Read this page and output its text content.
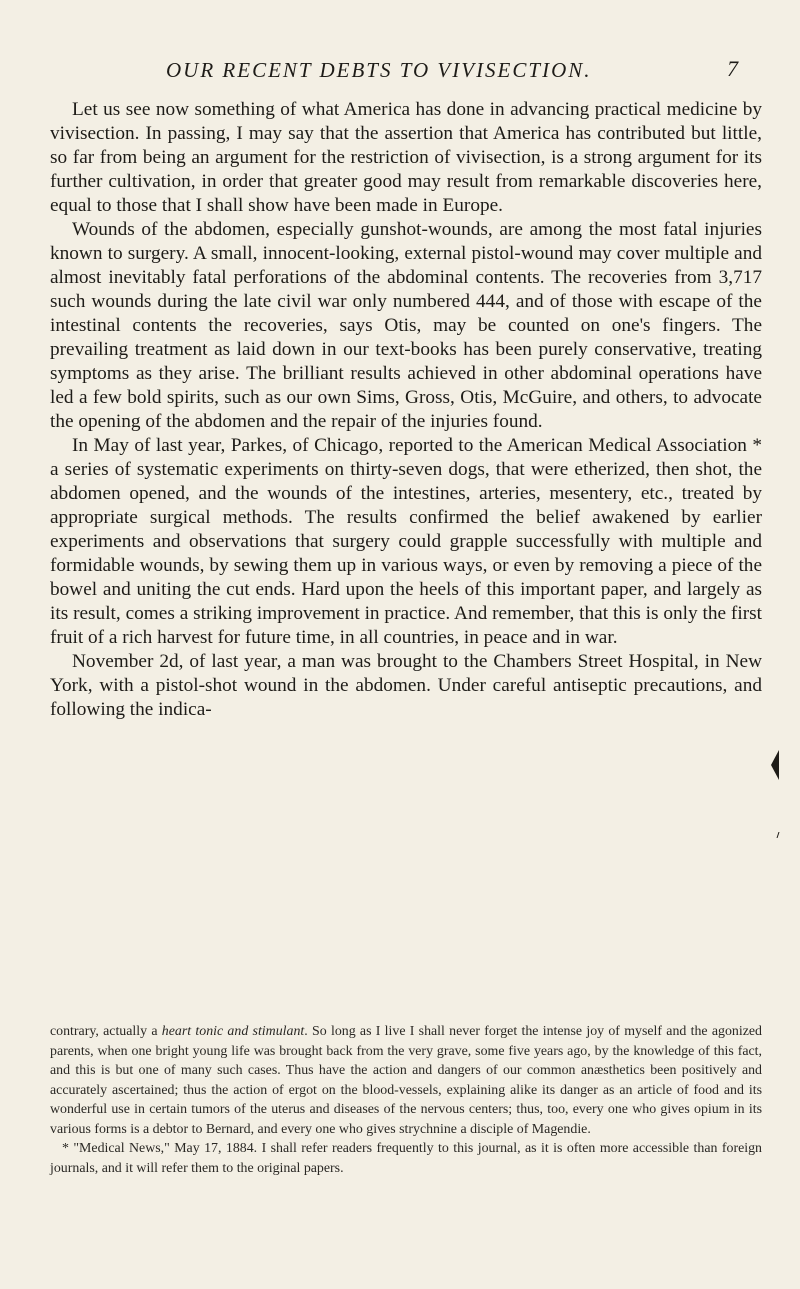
OUR RECENT DEBTS TO VIVISECTION.	7

Let us see now something of what America has done in advancing practical medicine by vivisection. In passing, I may say that the assertion that America has contributed but little, so far from being an argument for the restriction of vivisection, is a strong argument for its further cultivation, in order that greater good may result from remarkable discoveries here, equal to those that I shall show have been made in Europe.

Wounds of the abdomen, especially gunshot-wounds, are among the most fatal injuries known to surgery. A small, innocent-looking, external pistol-wound may cover multiple and almost inevitably fatal perforations of the abdominal contents. The recoveries from 3,717 such wounds during the late civil war only numbered 444, and of those with escape of the intestinal contents the recoveries, says Otis, may be counted on one's fingers. The prevailing treatment as laid down in our text-books has been purely conservative, treating symptoms as they arise. The brilliant results achieved in other abdominal operations have led a few bold spirits, such as our own Sims, Gross, Otis, McGuire, and others, to advocate the opening of the abdomen and the repair of the injuries found.

In May of last year, Parkes, of Chicago, reported to the American Medical Association * a series of systematic experiments on thirty-seven dogs, that were etherized, then shot, the abdomen opened, and the wounds of the intestines, arteries, mesentery, etc., treated by appropriate surgical methods. The results confirmed the belief awakened by earlier experiments and observations that surgery could grapple successfully with multiple and formidable wounds, by sewing them up in various ways, or even by removing a piece of the bowel and uniting the cut ends. Hard upon the heels of this important paper, and largely as its result, comes a striking improvement in practice. And remember, that this is only the first fruit of a rich harvest for future time, in all countries, in peace and in war.

November 2d, of last year, a man was brought to the Chambers Street Hospital, in New York, with a pistol-shot wound in the abdomen. Under careful antiseptic precautions, and following the indica-

contrary, actually a heart tonic and stimulant. So long as I live I shall never forget the intense joy of myself and the agonized parents, when one bright young life was brought back from the very grave, some five years ago, by the knowledge of this fact, and this is but one of many such cases. Thus have the action and dangers of our common anæsthetics been positively and accurately ascertained; thus the action of ergot on the blood-vessels, explaining alike its danger as an article of food and its wonderful use in certain tumors of the uterus and diseases of the nervous centers; thus, too, every one who gives opium in its various forms is a debtor to Bernard, and every one who gives strychnine a disciple of Magendie.

* "Medical News," May 17, 1884. I shall refer readers frequently to this journal, as it is often more accessible than foreign journals, and it will refer them to the original papers.
